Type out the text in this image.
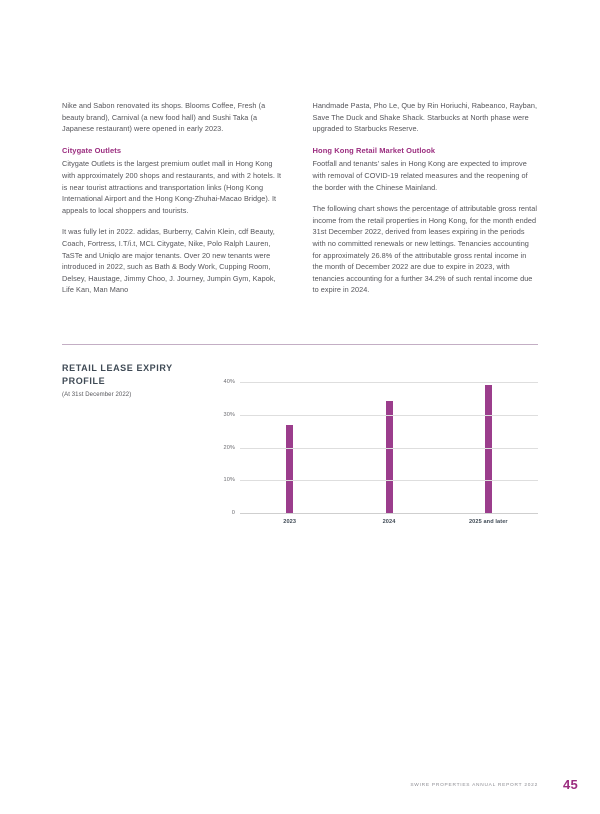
Nike and Sabon renovated its shops. Blooms Coffee, Fresh (a beauty brand), Carnival (a new food hall) and Sushi Taka (a Japanese restaurant) were opened in early 2023.

Citygate Outlets

Citygate Outlets is the largest premium outlet mall in Hong Kong with approximately 200 shops and restaurants, and with 2 hotels. It is near tourist attractions and transportation links (Hong Kong International Airport and the Hong Kong-Zhuhai-Macao Bridge). It appeals to local shoppers and tourists.

It was fully let in 2022. adidas, Burberry, Calvin Klein, cdf Beauty, Coach, Fortress, I.T/i.t, MCL Citygate, Nike, Polo Ralph Lauren, TaSTe and Uniqlo are major tenants. Over 20 new tenants were introduced in 2022, such as Bath & Body Work, Cupping Room, Delsey, Haustage, Jimmy Choo, J. Journey, Jumpin Gym, Kapok, Life Kan, Man Mano

Handmade Pasta, Pho Le, Que by Rin Horiuchi, Rabeanco, Rayban, Save The Duck and Shake Shack. Starbucks at North phase were upgraded to Starbucks Reserve.

Hong Kong Retail Market Outlook

Footfall and tenants' sales in Hong Kong are expected to improve with removal of COVID-19 related measures and the reopening of the border with the Chinese Mainland.

The following chart shows the percentage of attributable gross rental income from the retail properties in Hong Kong, for the month ended 31st December 2022, derived from leases expiring in the periods with no committed renewals or new lettings. Tenancies accounting for approximately 26.8% of the attributable gross rental income in the month of December 2022 are due to expire in 2023, with tenancies accounting for a further 34.2% of such rental income due to expire in 2024.

RETAIL LEASE EXPIRY PROFILE

(At 31st December 2022)

40%
30%
20%
10%
0
2023	2024	2025 and later
SWIRE PROPERTIES ANNUAL REPORT 2022 45
